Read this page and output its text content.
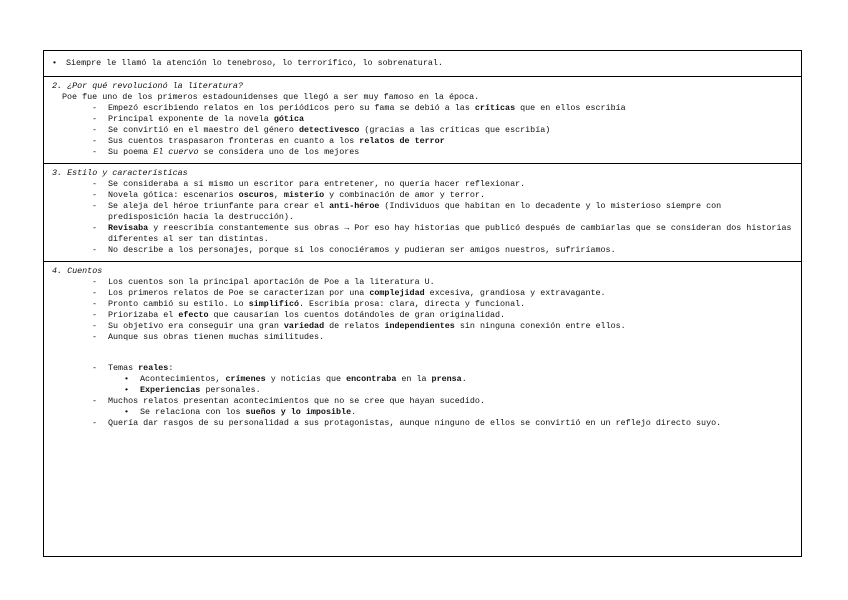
•	Siempre le llamó la atención lo tenebroso, lo terrorífico, lo sobrenatural.
2. ¿Por qué revolucionó la literatura?
Poe fue uno de los primeros estadounidenses que llegó a ser muy famoso en la época.
-	Empezó escribiendo relatos en los periódicos pero su fama se debió a las críticas que en ellos escribía
-	Principal exponente de la novela gótica
-	Se convirtió en el maestro del género detectivesco (gracias a las críticas que escribía)
-	Sus cuentos traspasaron fronteras en cuanto a los relatos de terror
-	Su poema El cuervo se considera uno de los mejores
3. Estilo y características
-	Se consideraba a sí mismo un escritor para entretener, no quería hacer reflexionar.
-	Novela gótica: escenarios oscuros, misterio y combinación de amor y terror.
-	Se aleja del héroe triunfante para crear el anti-héroe (Individuos que habitan en lo decadente y lo misterioso siempre con predisposición hacia la destrucción).
-	Revisaba y reescribía constantemente sus obras → Por eso hay historias que publicó después de cambiarlas que se consideran dos historias diferentes al ser tan distintas.
-	No describe a los personajes, porque si los conociéramos y pudieran ser amigos nuestros, sufriríamos.
4. Cuentos
-	Los cuentos son la principal aportación de Poe a la literatura U.
-	Los primeros relatos de Poe se caracterizan por una complejidad excesiva, grandiosa y extravagante.
-	Pronto cambió su estilo. Lo simplificó. Escribía prosa: clara, directa y funcional.
-	Priorizaba el efecto que causarían los cuentos dotándoles de gran originalidad.
-	Su objetivo era conseguir una gran variedad de relatos independientes sin ninguna conexión entre ellos.
-	Aunque sus obras tienen muchas similitudes.
-	Temas reales:
•	Acontecimientos, crímenes y noticias que encontraba en la prensa.
•	Experiencias personales.
-	Muchos relatos presentan acontecimientos que no se cree que hayan sucedido.
•	Se relaciona con los sueños y lo imposible.
-	Quería dar rasgos de su personalidad a sus protagonistas, aunque ninguno de ellos se convirtió en un reflejo directo suyo.
